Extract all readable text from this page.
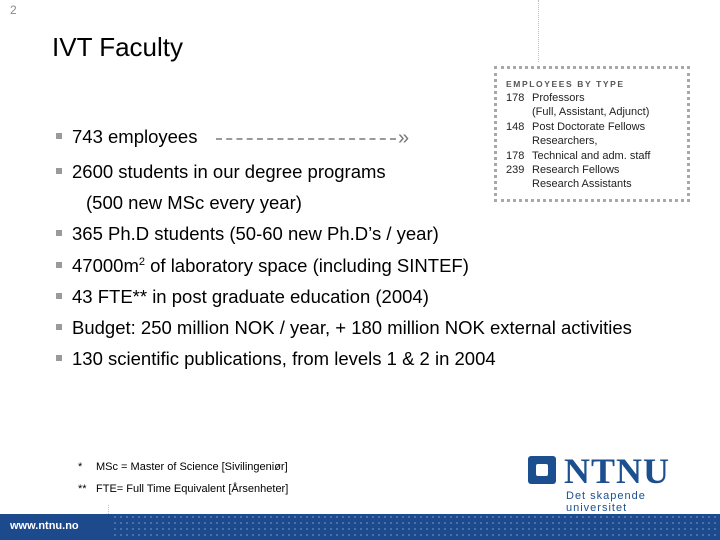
2
IVT Faculty
743 employees
2600 students in our degree programs
(500 new MSc every year)
365 Ph.D students (50-60 new Ph.D’s / year)
$47000m^2$ of laboratory space (including SINTEF)
43 FTE** in post graduate education (2004)
Budget: 250 million NOK / year, + 180 million NOK external activities
130 scientific publications, from levels 1 & 2 in 2004
»
EMPLOYEES BY TYPE
178 Professors
(Full, Assistant, Adjunct)
148 Post Doctorate Fellows
Researchers,
178 Technical and adm. staff
239 Research Fellows
Research Assistants
* MSc = Master of Science [Sivilingeniør]
** FTE= Full Time Equivalent [Årsenheter]	NTNU
Det skapende universitet
www.ntnu.no
